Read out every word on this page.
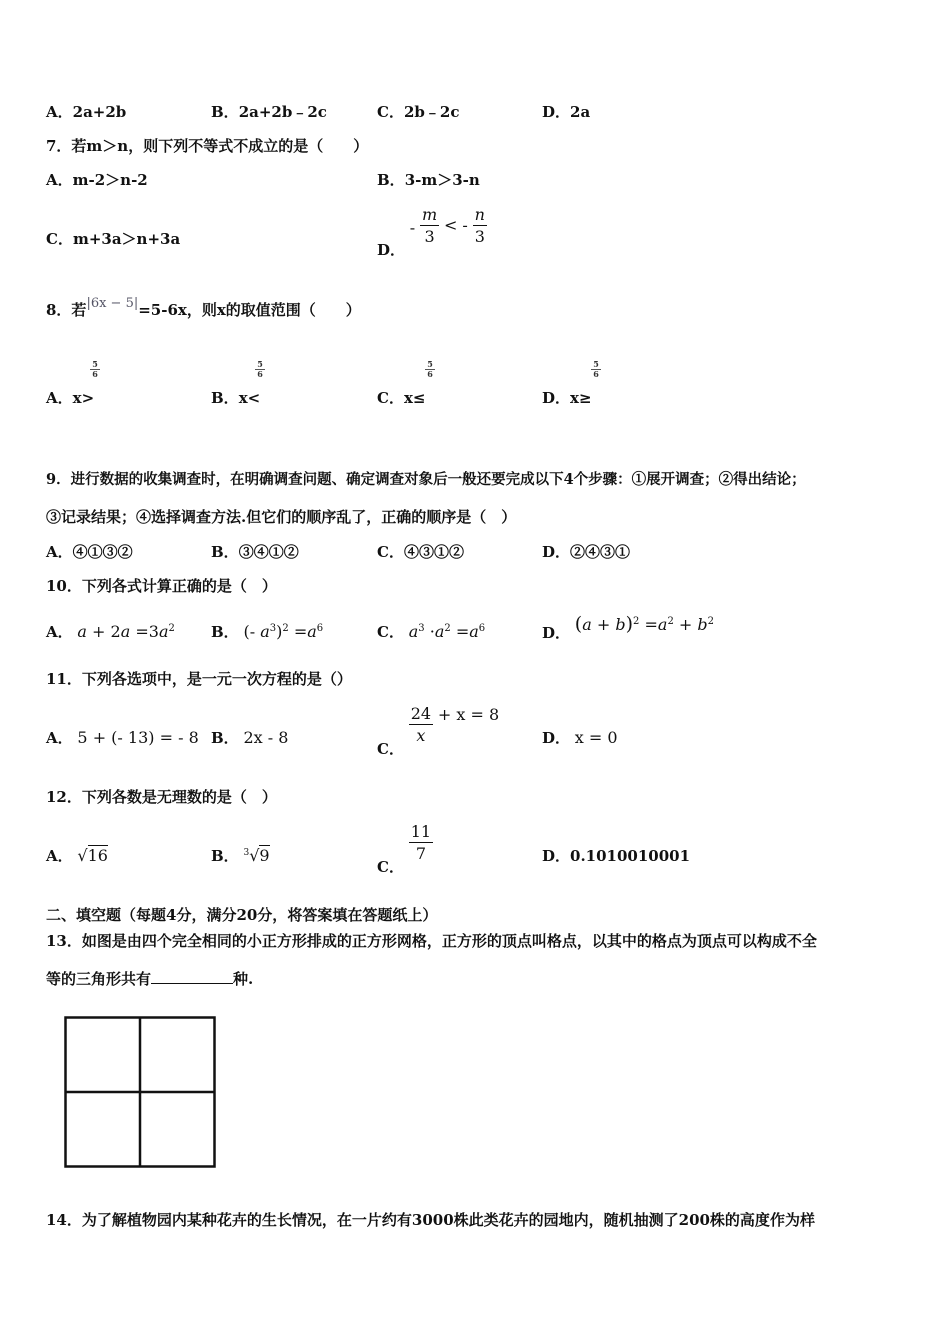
A．2a+2b	B．2a+2b﹣2c	C．2b﹣2c	D．2a
7．若m＞n，则下列不等式不成立的是（　　）
A．m-2＞n-2	B．3-m＞3-n
C．m+3a＞n+3a
D． - $\frac{m}{3}$ < - $\frac{n}{3}$
8．若|6x − 5|=5-6x，则x的取值范围（　　）
5
6
5
6
5
6
5
6
A．x>	B．x<	C．x≤	D．x≥
9．进行数据的收集调查时，在明确调查问题、确定调查对象后一般还要完成以下4个步骤：①展开调查；②得出结论；
③记录结果；④选择调查方法.但它们的顺序乱了，正确的顺序是（　）
A．④①③②	B．③④①②	C．④③①②	D．②④③①
10．下列各式计算正确的是（　）
A． $a + 2a =3a^2$ B． (- $a^3)^2 =a^6$	C． $a^3 \cdot a^2 =a^6$	D． $(a + b)^2 =a^2 + b^2$
11．下列各选项中，是一元一次方程的是（）
A． 5 + (- 13) = - 8 B． 2x - 8
C．
$\frac{24}{x} + x = 8$
D． x = 0
12．下列各数是无理数的是（　）
A． √16	B． $^3$√9
C．
$\frac{11}{7}$	D．0.1010010001
二、填空题（每题4分，满分20分，将答案填在答题纸上）
13．如图是由四个完全相同的小正方形排成的正方形网格，正方形的顶点叫格点，以其中的格点为顶点可以构成不全
等的三角形共有	种.
14．为了解植物园内某种花卉的生长情况，在一片约有3000株此类花卉的园地内，随机抽测了200株的高度作为样
